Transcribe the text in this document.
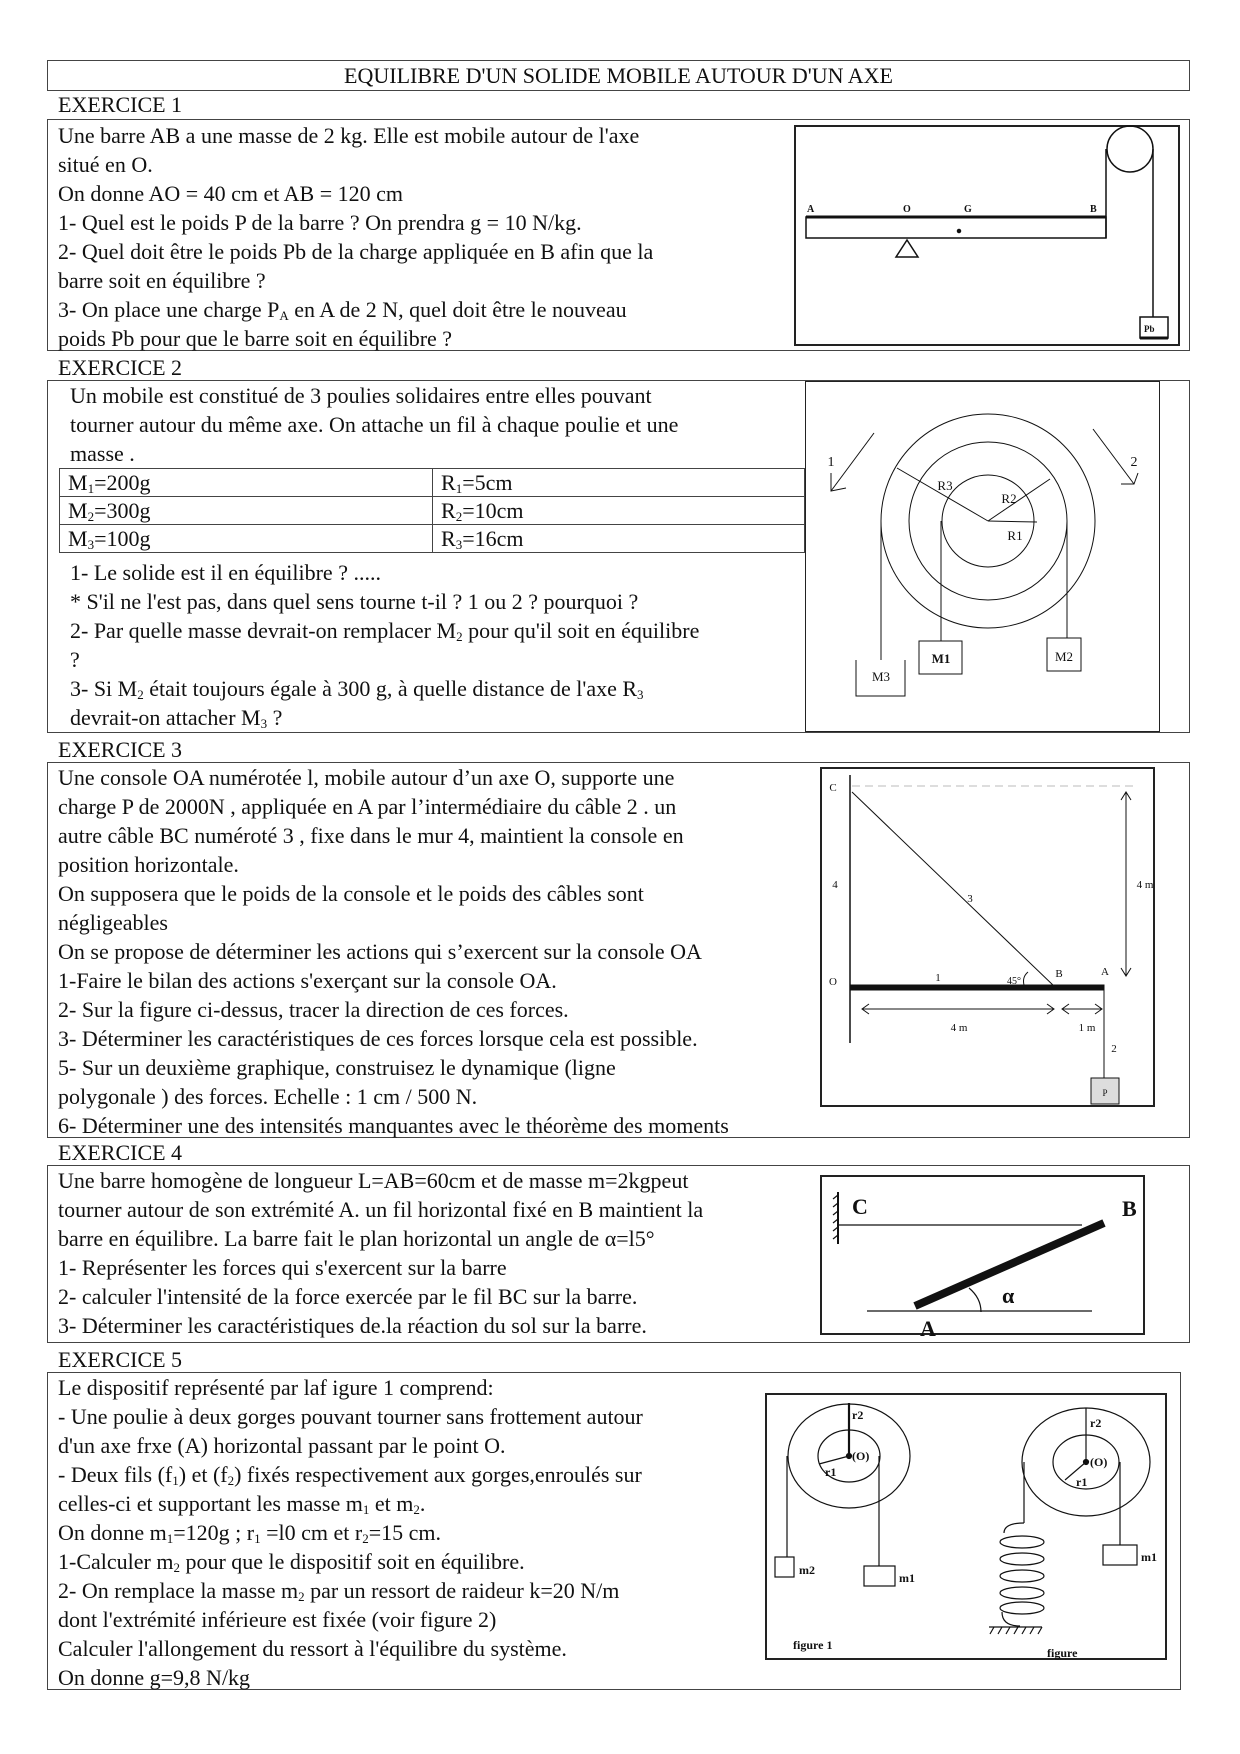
EQUILIBRE D'UN SOLIDE MOBILE AUTOUR D'UN AXE
EXERCICE 1
Une barre AB a une masse de 2 kg. Elle est mobile autour de l'axe
situé en O.
On donne AO = 40 cm et AB = 120 cm
1- Quel est le poids P de la barre ? On prendra g = 10 N/kg.
2- Quel doit être le poids Pb de la charge appliquée en B afin que la
barre soit en équilibre ?
3- On place une charge $P_A$ en A de 2 N, quel doit être le nouveau
poids Pb pour que le barre soit en équilibre ?
A	O	G	B
Pb
EXERCICE 2
Un mobile est constitué de 3 poulies solidaires entre elles pouvant
tourner autour du même axe. On attache un fil à chaque poulie et une
masse .
$M_1=200g$	$R_1=5cm$
$M_2=300g$	$R_2=10cm$
$M_3=100g$	$R_3=16cm$
1- Le solide est il en équilibre ? .....
* S'il ne l'est pas, dans quel sens tourne t-il ? 1 ou 2 ? pourquoi ?
2- Par quelle masse devrait-on remplacer $M_2$ pour qu'il soit en équilibre
?
3- Si $M_2$ était toujours égale à 300 g, à quelle distance de l'axe $R_3$
devrait-on attacher $M_3$ ?
1	2
R3
R2
R1
M3
M1	M2
EXERCICE 3
Une console OA numérotée l, mobile autour d’un axe O, supporte une
charge P de 2000N , appliquée en A par l’intermédiaire du câble 2 . un
autre câble BC numéroté 3 , fixe dans le mur 4, maintient la console en
position horizontale.
On supposera que le poids de la console et le poids des câbles sont
négligeables
On se propose de déterminer les actions qui s’exercent sur la console OA
1-Faire le bilan des actions s'exerçant sur la console OA.
2- Sur la figure ci-dessus, tracer la direction de ces forces.
3- Déterminer les caractéristiques de ces forces lorsque cela est possible.
5- Sur un deuxième graphique, construisez le dynamique (ligne
polygonale ) des forces. Echelle : 1 cm / 500 N.
6- Déterminer une des intensités manquantes avec le théorème des moments
C
4
O
3
1	45°
B	A
4 m
4 m	1 m
2
P
EXERCICE 4
Une barre homogène de longueur L=AB=60cm et de masse m=2kgpeut
tourner autour de son extrémité A. un fil horizontal fixé en B maintient la
barre en équilibre. La barre fait le plan horizontal un angle de α=l5°
1- Représenter les forces qui s'exercent sur la barre
2- calculer l'intensité de la force exercée par le fil BC sur la barre.
3- Déterminer les caractéristiques de.la réaction du sol sur la barre.
C	B
A
α
EXERCICE 5
Le dispositif représenté par laf igure 1 comprend:
- Une poulie à deux gorges pouvant tourner sans frottement autour
d'un axe frxe (A) horizontal passant par le point O.
- Deux fils $(f_1)$ et $(f_2)$ fixés respectivement aux gorges,enroulés sur
celles-ci et supportant les masse $m_1$ et $m_2$.
On donne $m_1=120g$ ; $r_1 =l0$ cm et $r_2=15$ cm.
1-Calculer $m_2$ pour que le dispositif soit en équilibre.
2- On remplace la masse $m_2$ par un ressort de raideur k=20 N/m
dont l'extrémité inférieure est fixée (voir figure 2)
Calculer l'allongement du ressort à l'équilibre du système.
On donne g=9,8 N/kg
r2
r1
(O)
m2
m1
r2
r1
(O)
m1
figure 1
figure
